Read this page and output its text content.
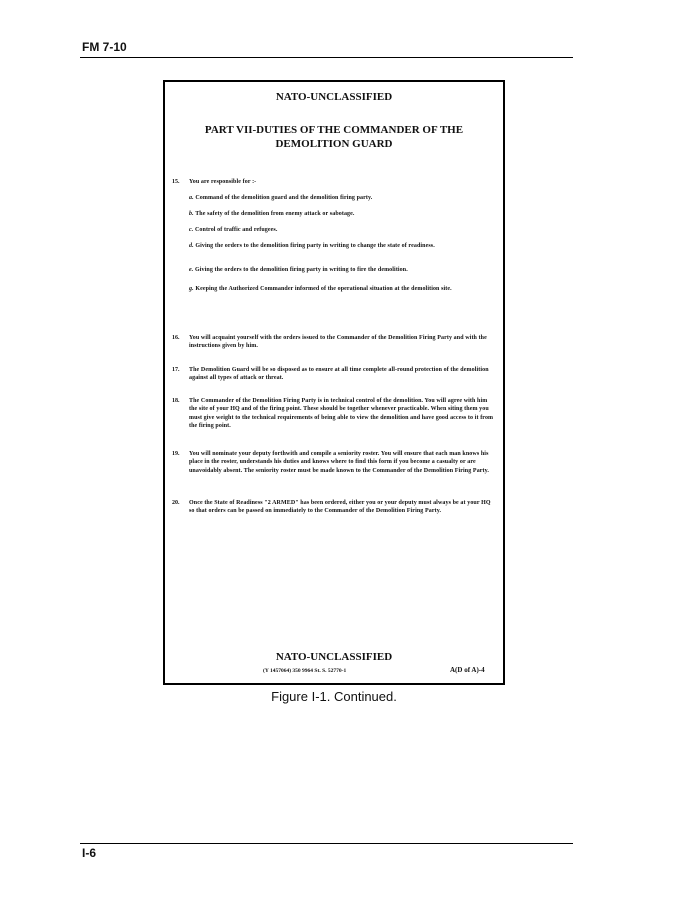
FM 7-10
NATO-UNCLASSIFIED
PART VII-DUTIES OF THE COMMANDER OF THE DEMOLITION GUARD
15. You are responsible for :-
a. Command of the demolition guard and the demolition firing party.
b. The safety of the demolition from enemy attack or sabotage.
c. Control of traffic and refugees.
d. Giving the orders to the demolition firing party in writing to change the state of readiness.
e. Giving the orders to the demolition firing party in writing to fire the demolition.
g. Keeping the Authorized Commander informed of the operational situation at the demolition site.
16. You will acquaint yourself with the orders issued to the Commander of the Demolition Firing Party and with the instructions given by him.
17. The Demolition Guard will be so disposed as to ensure at all time complete all-round protection of the demolition against all types of attack or threat.
18. The Commander of the Demolition Firing Party is in technical control of the demolition. You will agree with him the site of your HQ and of the firing point. These should be together whenever practicable. When siting them you must give weight to the technical requirements of being able to view the demolition and have good access to it from the firing point.
19. You will nominate your deputy forthwith and compile a seniority roster. You will ensure that each man knows his place in the roster, understands his duties and knows where to find this form if you become a casualty or are unavoidably absent. The seniority roster must be made known to the Commander of the Demolition Firing Party.
20. Once the State of Readiness "2 ARMED" has been ordered, either you or your deputy must always be at your HQ so that orders can be passed on immediately to the Commander of the Demolition Firing Party.
NATO-UNCLASSIFIED
(Y 1457064) 350 9964 St. S. 52770-1	A(D of A)-4
Figure I-1. Continued.
I-6
